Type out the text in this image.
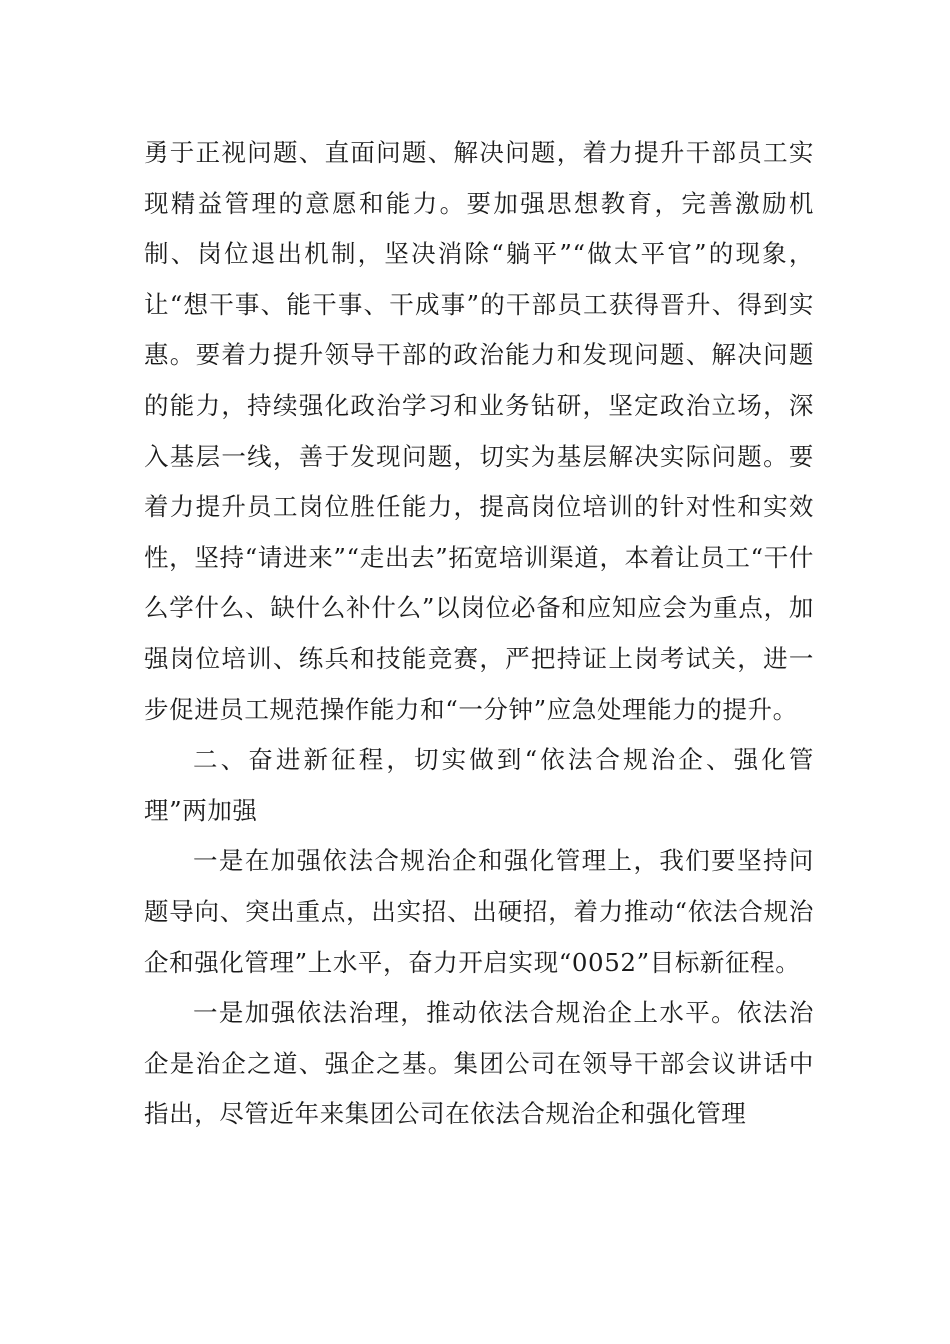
勇于正视问题、直面问题、解决问题，着力提升干部员工实现精益管理的意愿和能力。要加强思想教育，完善激励机制、岗位退出机制，坚决消除“躺平”“做太平官”的现象，让“想干事、能干事、干成事”的干部员工获得晋升、得到实惠。要着力提升领导干部的政治能力和发现问题、解决问题的能力，持续强化政治学习和业务钻研，坚定政治立场，深入基层一线，善于发现问题，切实为基层解决实际问题。要着力提升员工岗位胜任能力，提高岗位培训的针对性和实效性，坚持“请进来”“走出去”拓宽培训渠道，本着让员工“干什么学什么、缺什么补什么”以岗位必备和应知应会为重点，加强岗位培训、练兵和技能竞赛，严把持证上岗考试关，进一步促进员工规范操作能力和“一分钟”应急处理能力的提升。

二、奋进新征程，切实做到“依法合规治企、强化管理”两加强

一是在加强依法合规治企和强化管理上，我们要坚持问题导向、突出重点，出实招、出硬招，着力推动“依法合规治企和强化管理”上水平，奋力开启实现“0052”目标新征程。

一是加强依法治理，推动依法合规治企上水平。依法治企是治企之道、强企之基。集团公司在领导干部会议讲话中指出，尽管近年来集团公司在依法合规治企和强化管理
